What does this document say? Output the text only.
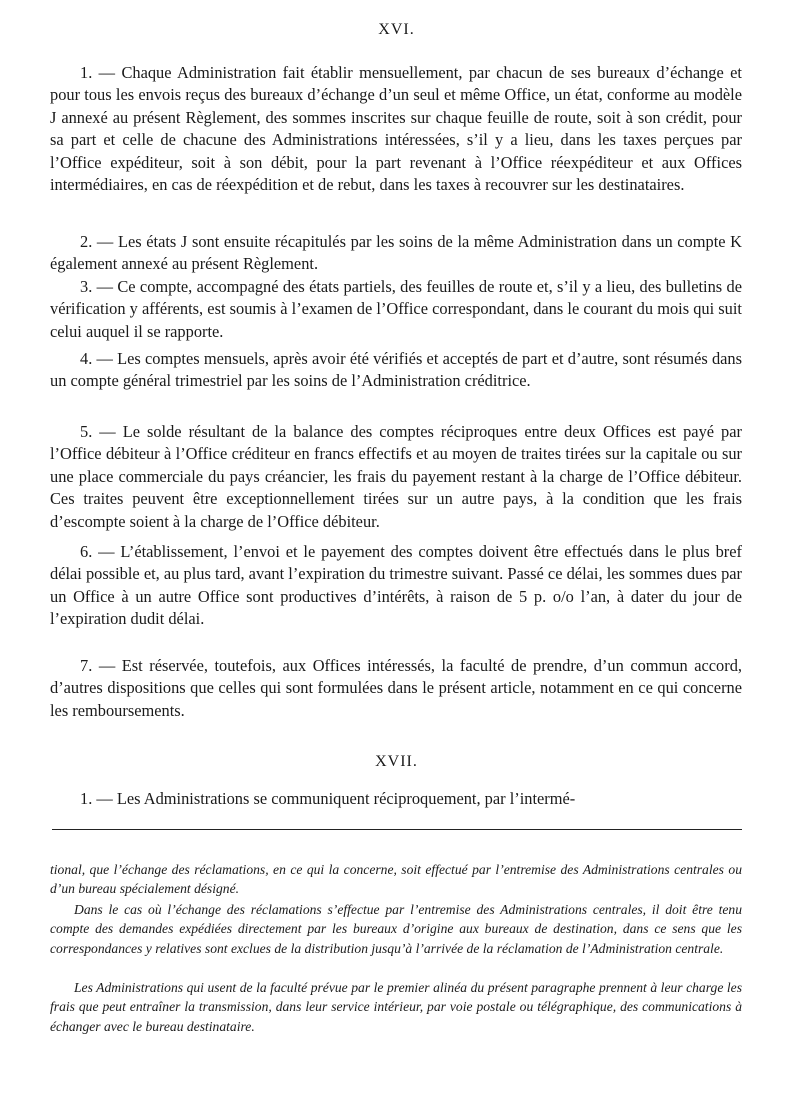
XVI.

1. — Chaque Administration fait établir mensuellement, par chacun de ses bureaux d’échange et pour tous les envois reçus des bureaux d’échange d’un seul et même Office, un état, conforme au modèle J annexé au présent Règlement, des sommes inscrites sur chaque feuille de route, soit à son crédit, pour sa part et celle de chacune des Administrations intéressées, s’il y a lieu, dans les taxes perçues par l’Office expéditeur, soit à son débit, pour la part revenant à l’Office réexpéditeur et aux Offices intermédiaires, en cas de réexpédition et de rebut, dans les taxes à recouvrer sur les destinataires.

2. — Les états J sont ensuite récapitulés par les soins de la même Administration dans un compte K également annexé au présent Règlement.

3. — Ce compte, accompagné des états partiels, des feuilles de route et, s’il y a lieu, des bulletins de vérification y afférents, est soumis à l’examen de l’Office correspondant, dans le courant du mois qui suit celui auquel il se rapporte.

4. — Les comptes mensuels, après avoir été vérifiés et acceptés de part et d’autre, sont résumés dans un compte général trimestriel par les soins de l’Administration créditrice.

5. — Le solde résultant de la balance des comptes réciproques entre deux Offices est payé par l’Office débiteur à l’Office créditeur en francs effectifs et au moyen de traites tirées sur la capitale ou sur une place commerciale du pays créancier, les frais du payement restant à la charge de l’Office débiteur. Ces traites peuvent être exceptionnellement tirées sur un autre pays, à la condition que les frais d’escompte soient à la charge de l’Office débiteur.

6. — L’établissement, l’envoi et le payement des comptes doivent être effectués dans le plus bref délai possible et, au plus tard, avant l’expiration du trimestre suivant. Passé ce délai, les sommes dues par un Office à un autre Office sont productives d’intérêts, à raison de 5 p. o/o l’an, à dater du jour de l’expiration dudit délai.

7. — Est réservée, toutefois, aux Offices intéressés, la faculté de prendre, d’un commun accord, d’autres dispositions que celles qui sont formulées dans le présent article, notamment en ce qui concerne les remboursements.

XVII.

1. — Les Administrations se communiquent réciproquement, par l’intermé-

tional, que l’échange des réclamations, en ce qui la concerne, soit effectué par l’entremise des Administrations centrales ou d’un bureau spécialement désigné.

Dans le cas où l’échange des réclamations s’effectue par l’entremise des Administrations centrales, il doit être tenu compte des demandes expédiées directement par les bureaux d’origine aux bureaux de destination, dans ce sens que les correspondances y relatives sont exclues de la distribution jusqu’à l’arrivée de la réclamation de l’Administration centrale.

Les Administrations qui usent de la faculté prévue par le premier alinéa du présent paragraphe prennent à leur charge les frais que peut entraîner la transmission, dans leur service intérieur, par voie postale ou télégraphique, des communications à échanger avec le bureau destinataire.
